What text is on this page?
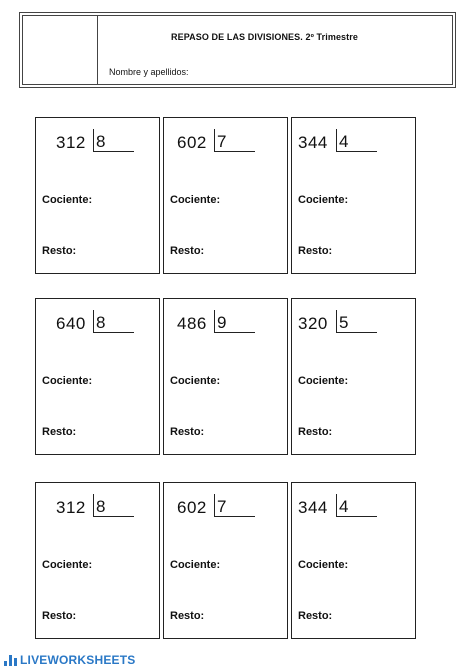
REPASO DE LAS DIVISIONES. 2º Trimestre
Nombre y apellidos:
312 8
Cociente:
Resto:
602 7
Cociente:
Resto:
344 4
Cociente:
Resto:
640 8
Cociente:
Resto:
486 9
Cociente:
Resto:
320 5
Cociente:
Resto:
312 8
Cociente:
Resto:
602 7
Cociente:
Resto:
344 4
Cociente:
Resto:
LIVEWORKSHEETS
